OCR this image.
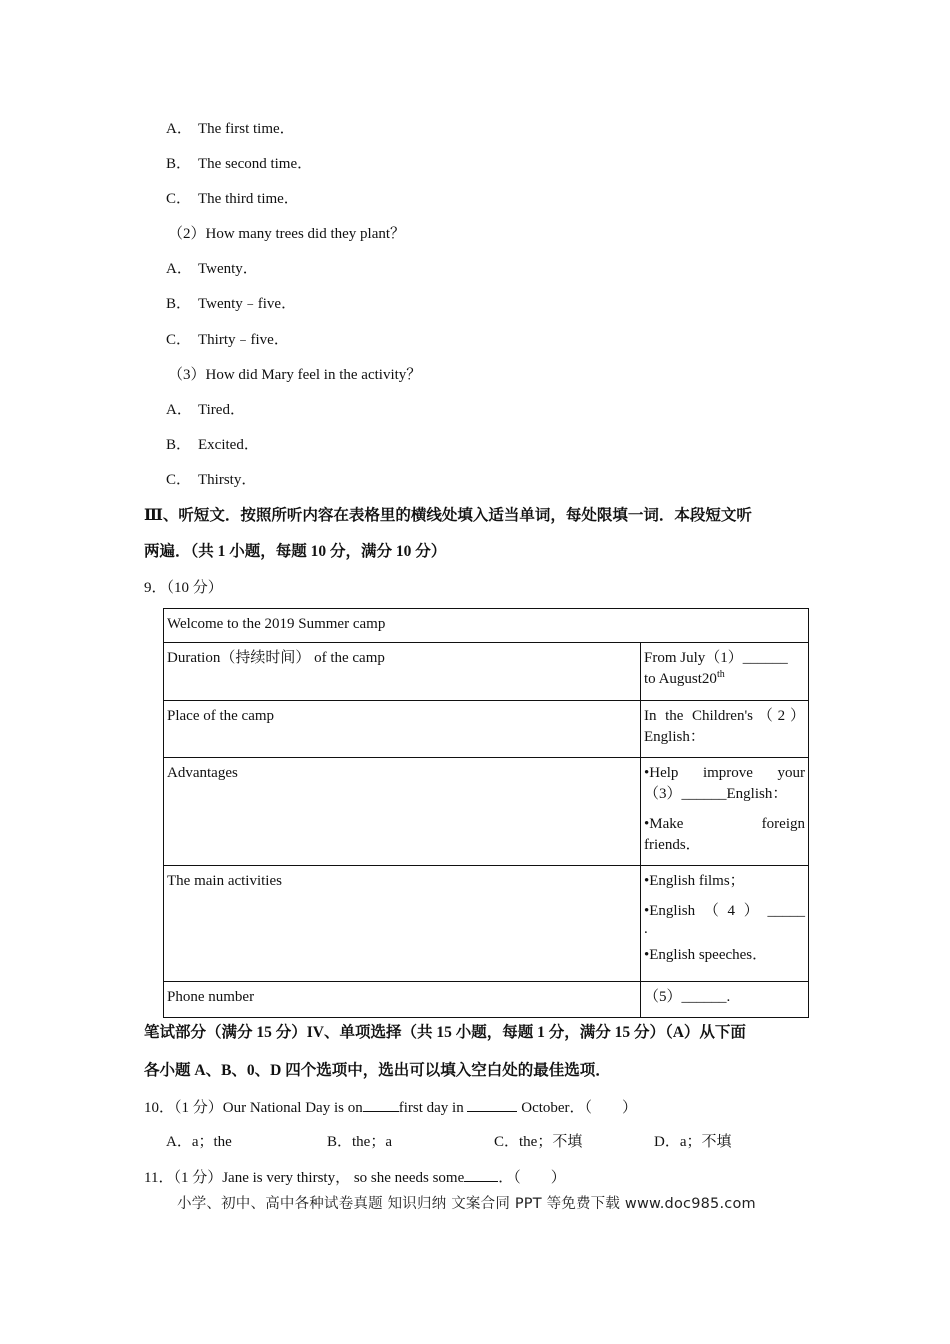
A． The first time．
B． The second time．
C． The third time．
（2）How many trees did they plant？
A． Twenty．
B． Twenty﹣five．
C． Thirty﹣five．
（3）How did Mary feel in the activity？
A． Tired．
B． Excited．
C． Thirsty．
Ⅲ、听短文．按照所听内容在表格里的横线处填入适当单词，每处限填一词．本段短文听
两遍．（共 1 小题，每题 10 分，满分 10 分）
9．（10 分）
Welcome to the 2019 Summer camp	
Duration（持续时间） of the camp	From July（1）______

to August20th

Place of the camp	In the Children's（2）

English：

Advantages	•Help improve your

（3）______English：

•Make foreign

friends．

The main activities	•English films；

•English（4）_____

.

•English speeches．

Phone number	（5）______.

笔试部分（满分 15 分）IV、单项选择（共 15 小题，每题 1 分，满分 15 分）（A）从下面
各小题 A、B、0、D 四个选项中，选出可以填入空白处的最佳选项．
10．（1 分）Our National Day is on first day in	October．（　　）
A．a；the	B．the；a	C．the；不填	D．a；不填
11．（1 分）Jane is very thirsty， so she needs some ．（　　）
小学、初中、高中各种试卷真题 知识归纳 文案合同 PPT 等免费下载 www.doc985.com
